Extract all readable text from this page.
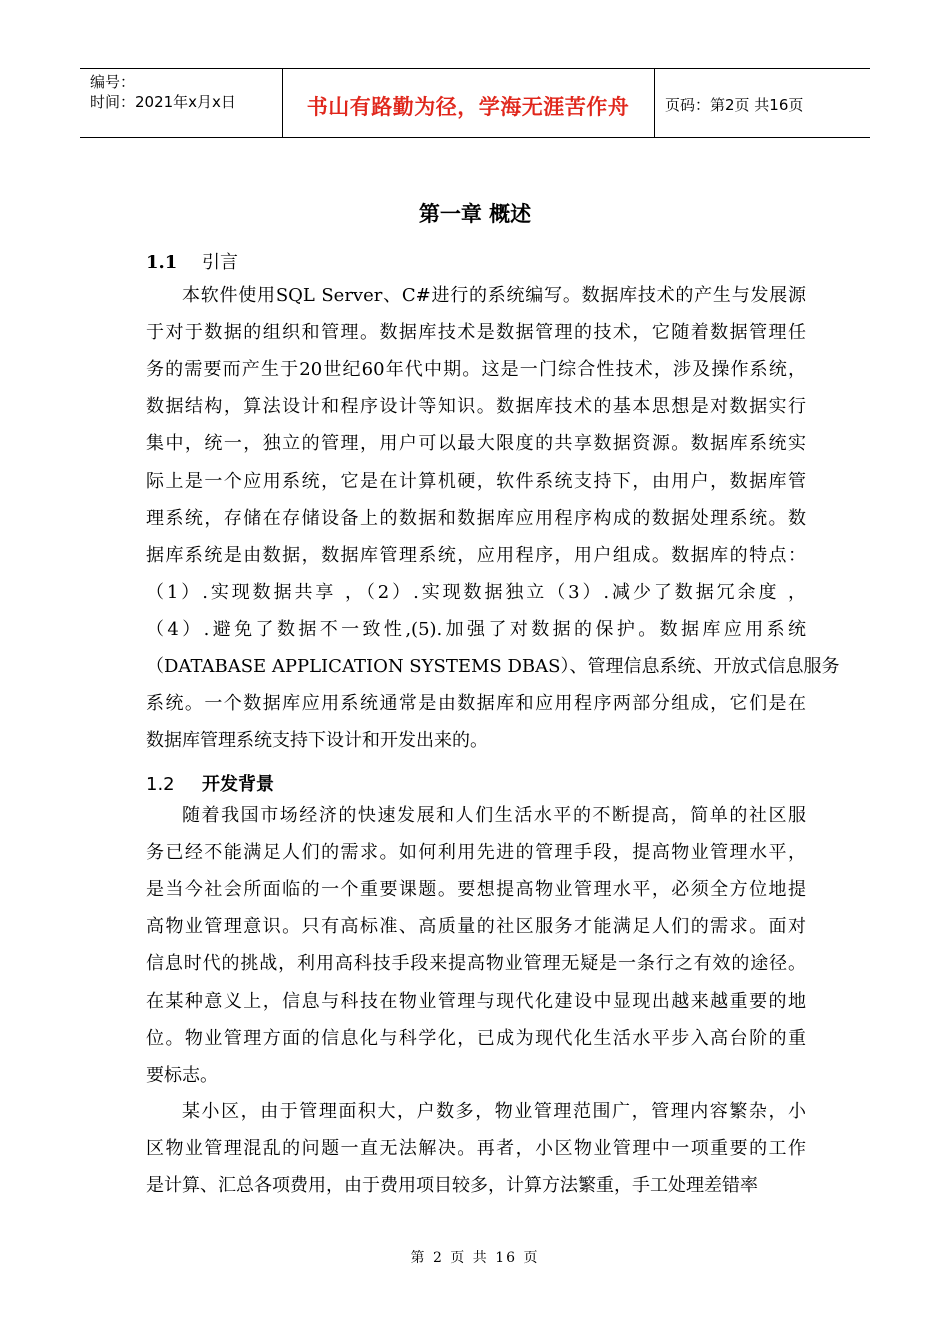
编号：
时间：2021年x月x日	书山有路勤为径，学海无涯苦作舟	页码：第2页 共16页
第一章 概述
1.1 引言
本软件使用SQL Server、C#进行的系统编写。数据库技术的产生与发展源
于对于数据的组织和管理。数据库技术是数据管理的技术，它随着数据管理任
务的需要而产生于20世纪60年代中期。这是一门综合性技术，涉及操作系统，
数据结构，算法设计和程序设计等知识。数据库技术的基本思想是对数据实行
集中，统一，独立的管理，用户可以最大限度的共享数据资源。数据库系统实
际上是一个应用系统，它是在计算机硬，软件系统支持下，由用户，数据库管
理系统，存储在存储设备上的数据和数据库应用程序构成的数据处理系统。数
据库系统是由数据，数据库管理系统，应用程序，用户组成。数据库的特点：
（1）.实现数据共享 ，（2）.实现数据独立（3）.减少了数据冗余度 ，
（4）.避免了数据不一致性,(5).加强了对数据的保护。数据库应用系统
（DATABASE APPLICATION SYSTEMS DBAS）、管理信息系统、开放式信息服务
系统。一个数据库应用系统通常是由数据库和应用程序两部分组成，它们是在
数据库管理系统支持下设计和开发出来的。
1.2 开发背景
随着我国市场经济的快速发展和人们生活水平的不断提高，简单的社区服
务已经不能满足人们的需求。如何利用先进的管理手段，提高物业管理水平，
是当今社会所面临的一个重要课题。要想提高物业管理水平，必须全方位地提
高物业管理意识。只有高标准、高质量的社区服务才能满足人们的需求。面对
信息时代的挑战，利用高科技手段来提高物业管理无疑是一条行之有效的途径。
在某种意义上，信息与科技在物业管理与现代化建设中显现出越来越重要的地
位。物业管理方面的信息化与科学化，已成为现代化生活水平步入高台阶的重
要标志。
某小区，由于管理面积大，户数多，物业管理范围广，管理内容繁杂，小
区物业管理混乱的问题一直无法解决。再者，小区物业管理中一项重要的工作
是计算、汇总各项费用，由于费用项目较多，计算方法繁重，手工处理差错率
第 2 页 共 16 页
